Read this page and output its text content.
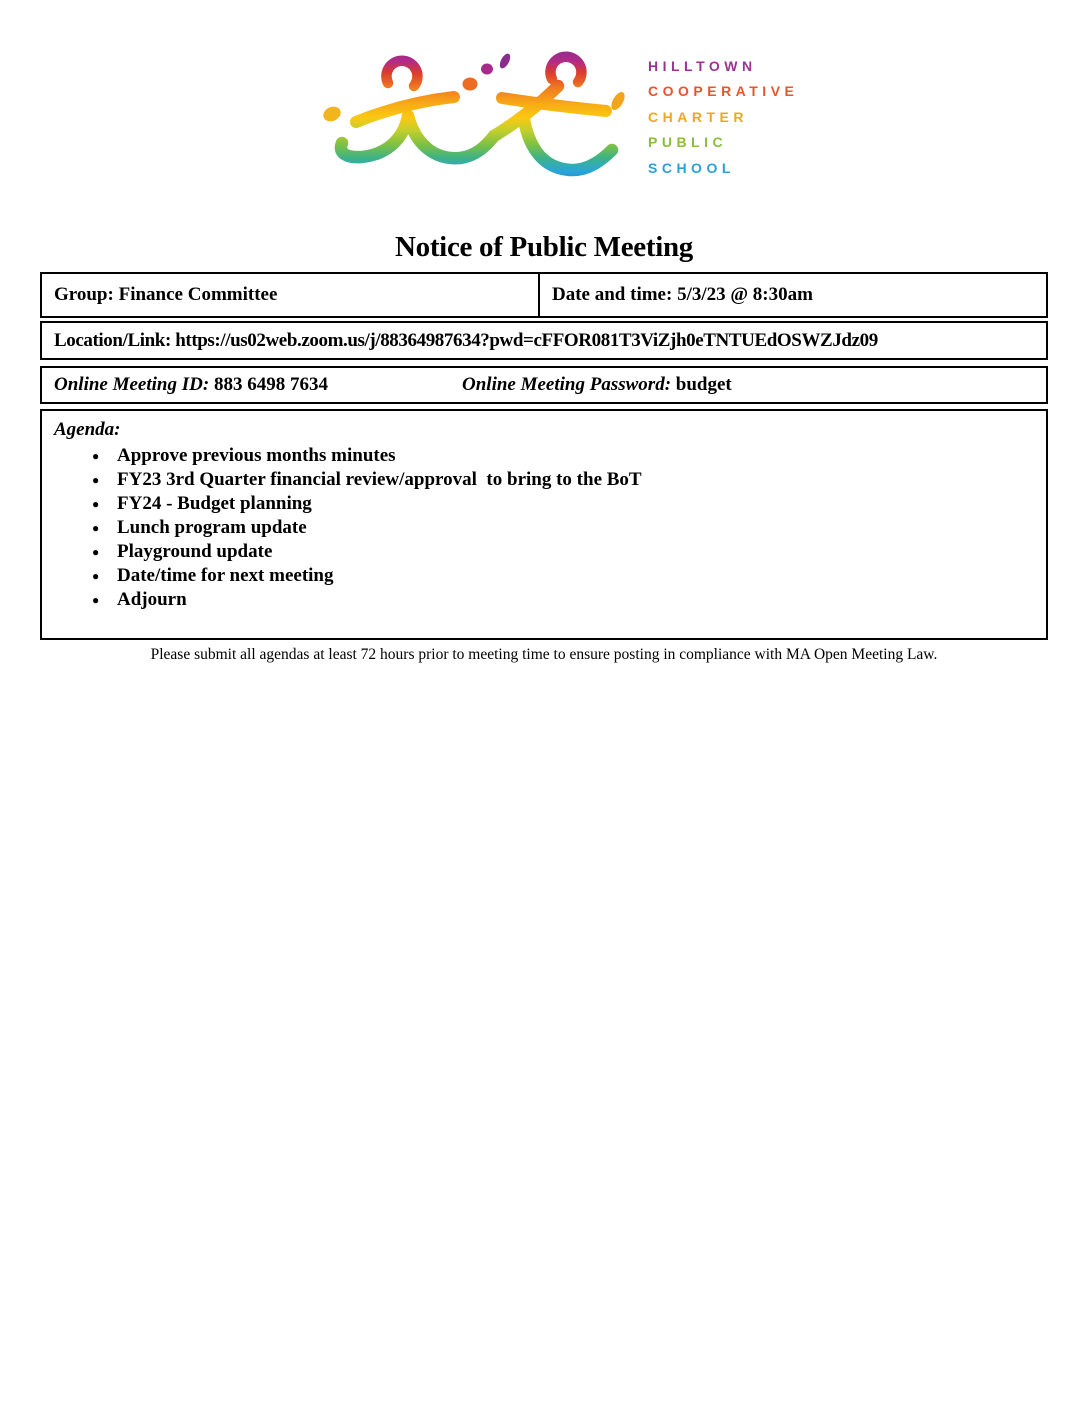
HILLTOWN
COOPERATIVE
CHARTER
PUBLIC
SCHOOL
Notice of Public Meeting
Group: Finance Committee	Date and time: 5/3/23 @ 8:30am
Location/Link: https://us02web.zoom.us/j/88364987634?pwd=cFFOR081T3ViZjh0eTNTUEdOSWZJdz09
Online Meeting ID: 883 6498 7634	Online Meeting Password: budget
Agenda:
● Approve previous months minutes
● FY23 3rd Quarter financial review/approval  to bring to the BoT
● FY24 - Budget planning
● Lunch program update
● Playground update
● Date/time for next meeting
● Adjourn
Please submit all agendas at least 72 hours prior to meeting time to ensure posting in compliance with MA Open Meeting Law.
